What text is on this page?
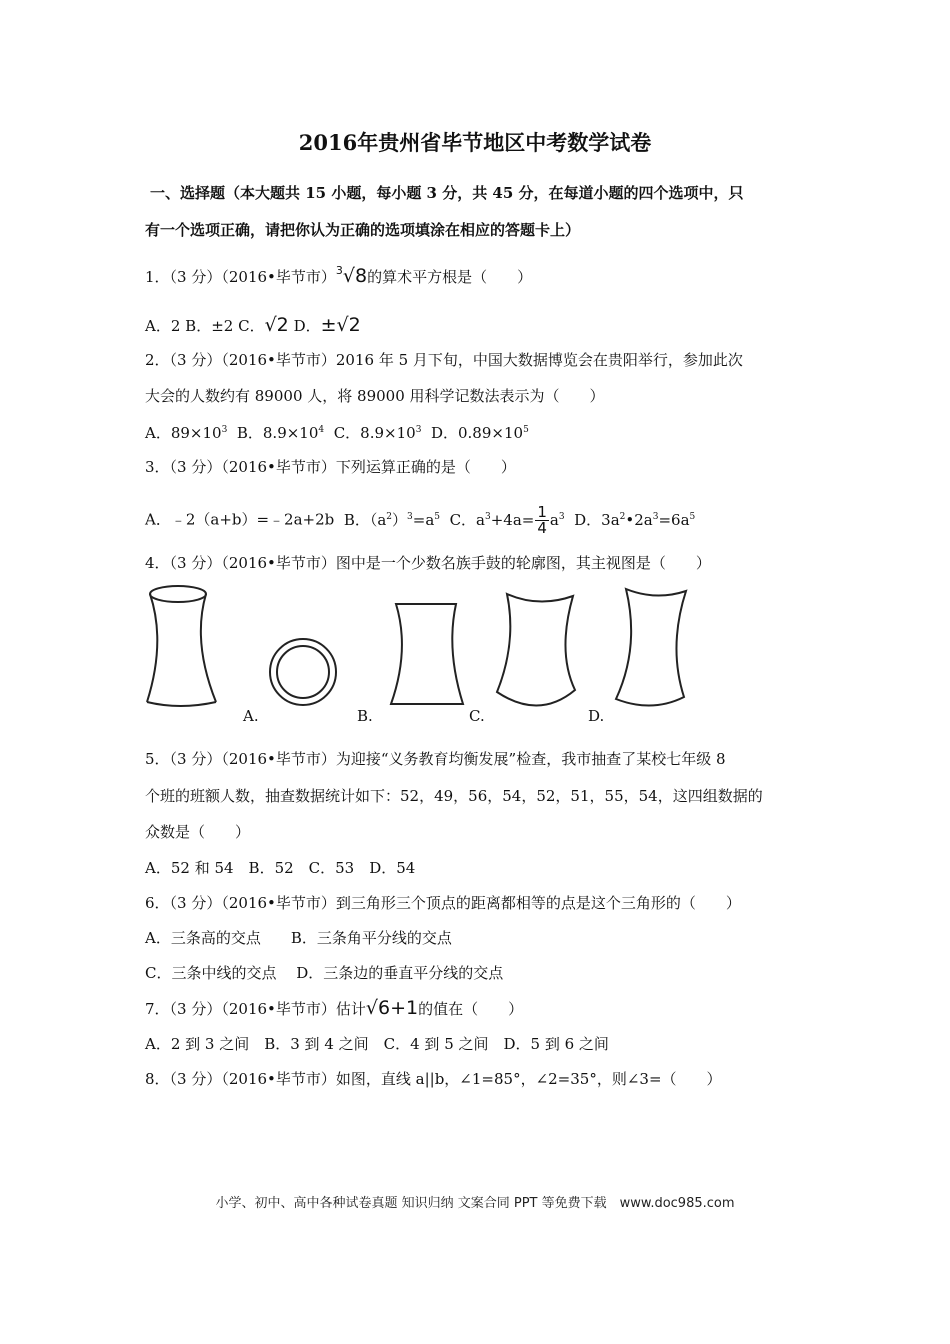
2016年贵州省毕节地区中考数学试卷
一、选择题（本大题共 15 小题，每小题 3 分，共 45 分，在每道小题的四个选项中，只
有一个选项正确，请把你认为正确的选项填涂在相应的答题卡上）
1．（3 分）（2016•毕节市）$^3$√8的算术平方根是（　　）
A．2 B．±2 C．√2 D．±√2
2．（3 分）（2016•毕节市）2016 年 5 月下旬，中国大数据博览会在贵阳举行，参加此次
大会的人数约有 89000 人，将 89000 用科学记数法表示为（　　）
A．$89\times 10^3$ B．$8.9\times 10^4$ C．$8.9\times 10^3$ D．$0.89\times 10^5$
3．（3 分）（2016•毕节市）下列运算正确的是（　　）
A．﹣2（a+b）=﹣2a+2b B．$(a^2)^3=a^5$ C．$a^3+4a= \frac{1}{4} a^3$ D．$3a^2•2a^3=6a^5$
4．（3 分）（2016•毕节市）图中是一个少数名族手鼓的轮廓图，其主视图是（　　）
A.	B.	C.	D.
5．（3 分）（2016•毕节市）为迎接“义务教育均衡发展”检查，我市抽查了某校七年级 8
个班的班额人数，抽查数据统计如下：52，49，56，54，52，51，55，54，这四组数据的
众数是（　　）
A．52 和 54　B．52　C．53　D．54
6．（3 分）（2016•毕节市）到三角形三个顶点的距离都相等的点是这个三角形的（　　）
A．三条高的交点　　B．三条角平分线的交点
C．三条中线的交点　 D．三条边的垂直平分线的交点
7．（3 分）（2016•毕节市）估计√6+1的值在（　　）
A．2 到 3 之间　B．3 到 4 之间　C．4 到 5 之间　D．5 到 6 之间
8．（3 分）（2016•毕节市）如图，直线 a||b，∠1=85°，∠2=35°，则∠3=（　　）
小学、初中、高中各种试卷真题 知识归纳 文案合同 PPT 等免费下载　www.doc985.com
